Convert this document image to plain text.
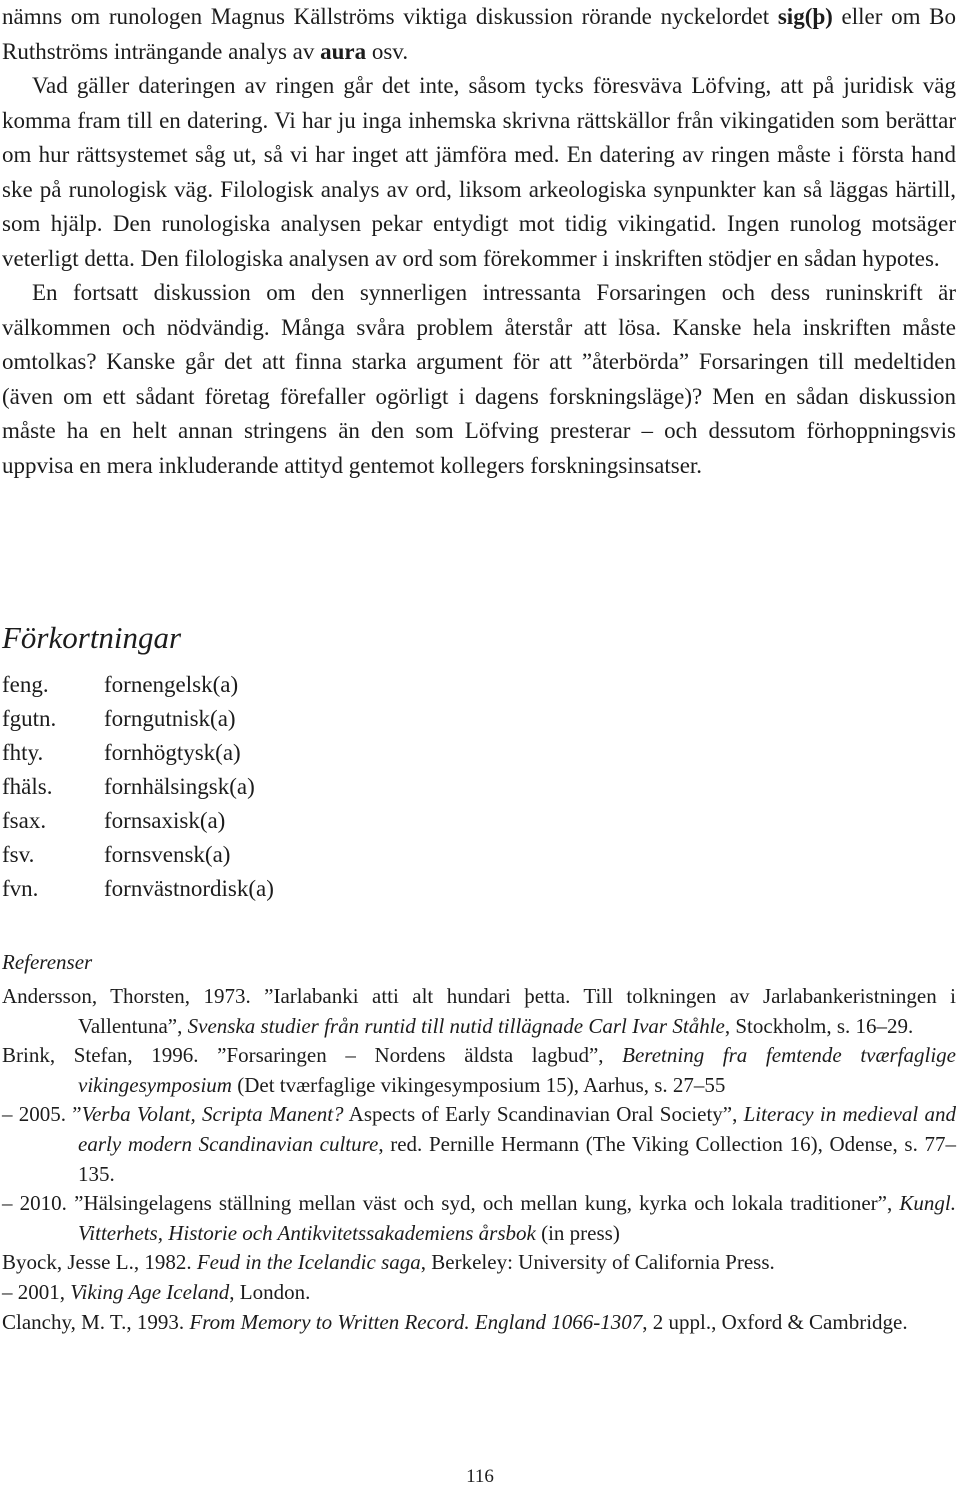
nämns om runologen Magnus Källströms viktiga diskussion rörande nyckelordet sig(þ) eller om Bo Ruthströms inträngande analys av aura osv.

Vad gäller dateringen av ringen går det inte, såsom tycks föresväva Löfving, att på juridisk väg komma fram till en datering. Vi har ju inga inhemska skrivna rättskällor från vikingatiden som berättar om hur rättsystemet såg ut, så vi har inget att jämföra med. En datering av ringen måste i första hand ske på runologisk väg. Filologisk analys av ord, liksom arkeologiska synpunkter kan så läggas härtill, som hjälp. Den runologiska analysen pekar entydigt mot tidig vikingatid. Ingen runolog motsäger veterligt detta. Den filologiska analysen av ord som förekommer i inskriften stödjer en sådan hypotes.

En fortsatt diskussion om den synnerligen intressanta Forsaringen och dess runinskrift är välkommen och nödvändig. Många svåra problem återstår att lösa. Kanske hela inskriften måste omtolkas? Kanske går det att finna starka argument för att ”återbörda” Forsaringen till medeltiden (även om ett sådant företag förefaller ogörligt i dagens forskningsläge)? Men en sådan diskussion måste ha en helt annan stringens än den som Löfving presterar – och dessutom förhoppningsvis uppvisa en mera inkluderande attityd gentemot kollegers forskningsinsatser.

Förkortningar
feng.	fornengelsk(a)
fgutn.	forngutnisk(a)
fhty.	fornhögtysk(a)
fhäls.	fornhälsingsk(a)
fsax.	fornsaxisk(a)
fsv.	fornsvensk(a)
fvn.	fornvästnordisk(a)
Referenser

Andersson, Thorsten, 1973. ”Iarlabanki atti alt hundari þetta. Till tolkningen av Jarlabankeristningen i Vallentuna”, Svenska studier från runtid till nutid tillägnade Carl Ivar Ståhle, Stockholm, s. 16–29.

Brink, Stefan, 1996. ”Forsaringen – Nordens äldsta lagbud”, Beretning fra femtende tværfaglige vikingesymposium (Det tværfaglige vikingesymposium 15), Aarhus, s. 27–55

– 2005. ”Verba Volant, Scripta Manent? Aspects of Early Scandinavian Oral Society”, Literacy in medieval and early modern Scandinavian culture, red. Pernille Hermann (The Viking Collection 16), Odense, s. 77–135.

– 2010. ”Hälsingelagens ställning mellan väst och syd, och mellan kung, kyrka och lokala traditioner”, Kungl. Vitterhets, Historie och Antikvitetssakademiens årsbok (in press)

Byock, Jesse L., 1982. Feud in the Icelandic saga, Berkeley: University of California Press.

– 2001, Viking Age Iceland, London.

Clanchy, M. T., 1993. From Memory to Written Record. England 1066-1307, 2 uppl., Oxford & Cambridge.

116
